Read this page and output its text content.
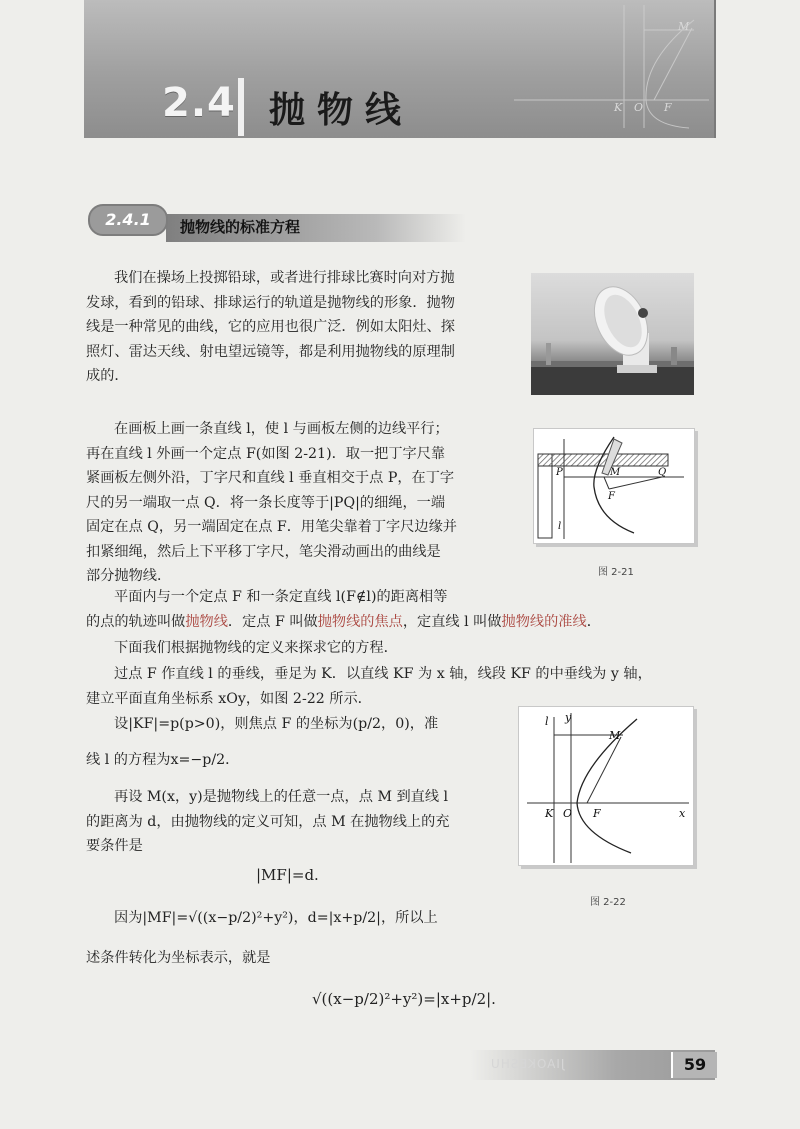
2.4 抛物线
M
K O F
2.4.1	抛物线的标准方程
我们在操场上投掷铅球，或者进行排球比赛时向对方抛
发球，看到的铅球、排球运行的轨道是抛物线的形象．抛物
线是一种常见的曲线，它的应用也很广泛．例如太阳灶、探
照灯、雷达天线、射电望远镜等，都是利用抛物线的原理制
成的．
在画板上画一条直线 l，使 l 与画板左侧的边线平行；
再在直线 l 外画一个定点 F(如图 2-21)．取一把丁字尺靠
紧画板左侧外沿，丁字尺和直线 l 垂直相交于点 P，在丁字
尺的另一端取一点 Q．将一条长度等于|PQ|的细绳，一端
固定在点 Q，另一端固定在点 F．用笔尖靠着丁字尺边缘并
扣紧细绳，然后上下平移丁字尺，笔尖滑动画出的曲线是
部分抛物线．
P	M	Q
F
l
图 2-21
平面内与一个定点 F 和一条定直线 l(F∉l)的距离相等
的点的轨迹叫做抛物线．定点 F 叫做抛物线的焦点，定直线 l 叫做抛物线的准线．
下面我们根据抛物线的定义来探求它的方程．
过点 F 作直线 l 的垂线，垂足为 K．以直线 KF 为 x 轴，线段 KF 的中垂线为 y 轴，
建立平面直角坐标系 xOy，如图 2-22 所示．
设|KF|=p(p>0)，则焦点 F 的坐标为(p/2，0)，准
线 l 的方程为x=−p/2．
l y
M
K O F	x
图 2-22
再设 M(x，y)是抛物线上的任意一点，点 M 到直线 l
的距离为 d，由抛物线的定义可知，点 M 在抛物线上的充
要条件是
|MF|=d.
因为|MF|=√((x−p/2)²+y²)，d=|x+p/2|，所以上
述条件转化为坐标表示，就是
√((x−p/2)²+y²)=|x+p/2|.
JIAOKESHU	59
